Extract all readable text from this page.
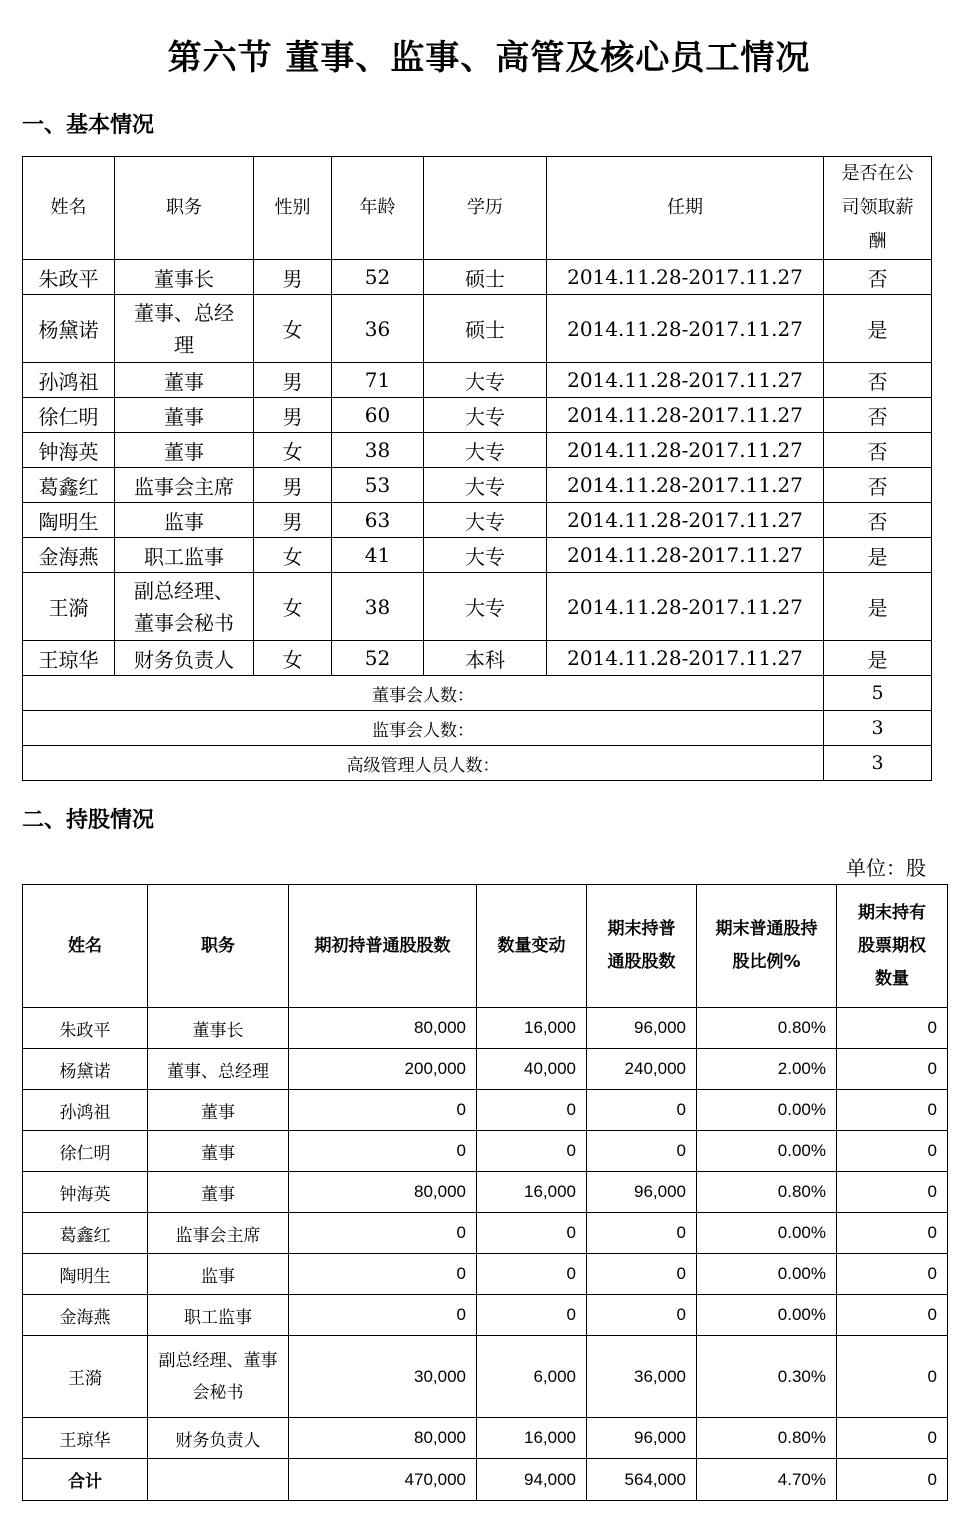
第六节 董事、监事、高管及核心员工情况
一、基本情况
姓名	职务	性别	年龄	学历	任期	是否在公司领取薪酬
朱政平	董事长	男	52	硕士	2014.11.28-2017.11.27	否
杨黛诺	董事、总经理	女	36	硕士	2014.11.28-2017.11.27	是
孙鸿祖	董事	男	71	大专	2014.11.28-2017.11.27	否
徐仁明	董事	男	60	大专	2014.11.28-2017.11.27	否
钟海英	董事	女	38	大专	2014.11.28-2017.11.27	否
葛鑫红	监事会主席	男	53	大专	2014.11.28-2017.11.27	否
陶明生	监事	男	63	大专	2014.11.28-2017.11.27	否
金海燕	职工监事	女	41	大专	2014.11.28-2017.11.27	是
王漪	副总经理、董事会秘书	女	38	大专	2014.11.28-2017.11.27	是
王琼华	财务负责人	女	52	本科	2014.11.28-2017.11.27	是
董事会人数：						5
监事会人数：						3
高级管理人员人数：						3
二、持股情况
单位：股
姓名	职务	期初持普通股股数	数量变动	期末持普通股股数	期末普通股持股比例%	期末持有股票期权数量
朱政平	董事长	80,000	16,000	96,000	0.80%	0
杨黛诺	董事、总经理	200,000	40,000	240,000	2.00%	0
孙鸿祖	董事	0	0	0	0.00%	0
徐仁明	董事	0	0	0	0.00%	0
钟海英	董事	80,000	16,000	96,000	0.80%	0
葛鑫红	监事会主席	0	0	0	0.00%	0
陶明生	监事	0	0	0	0.00%	0
金海燕	职工监事	0	0	0	0.00%	0
王漪	副总经理、董事会秘书	30,000	6,000	36,000	0.30%	0
王琼华	财务负责人	80,000	16,000	96,000	0.80%	0
合计		470,000	94,000	564,000	4.70%	0
